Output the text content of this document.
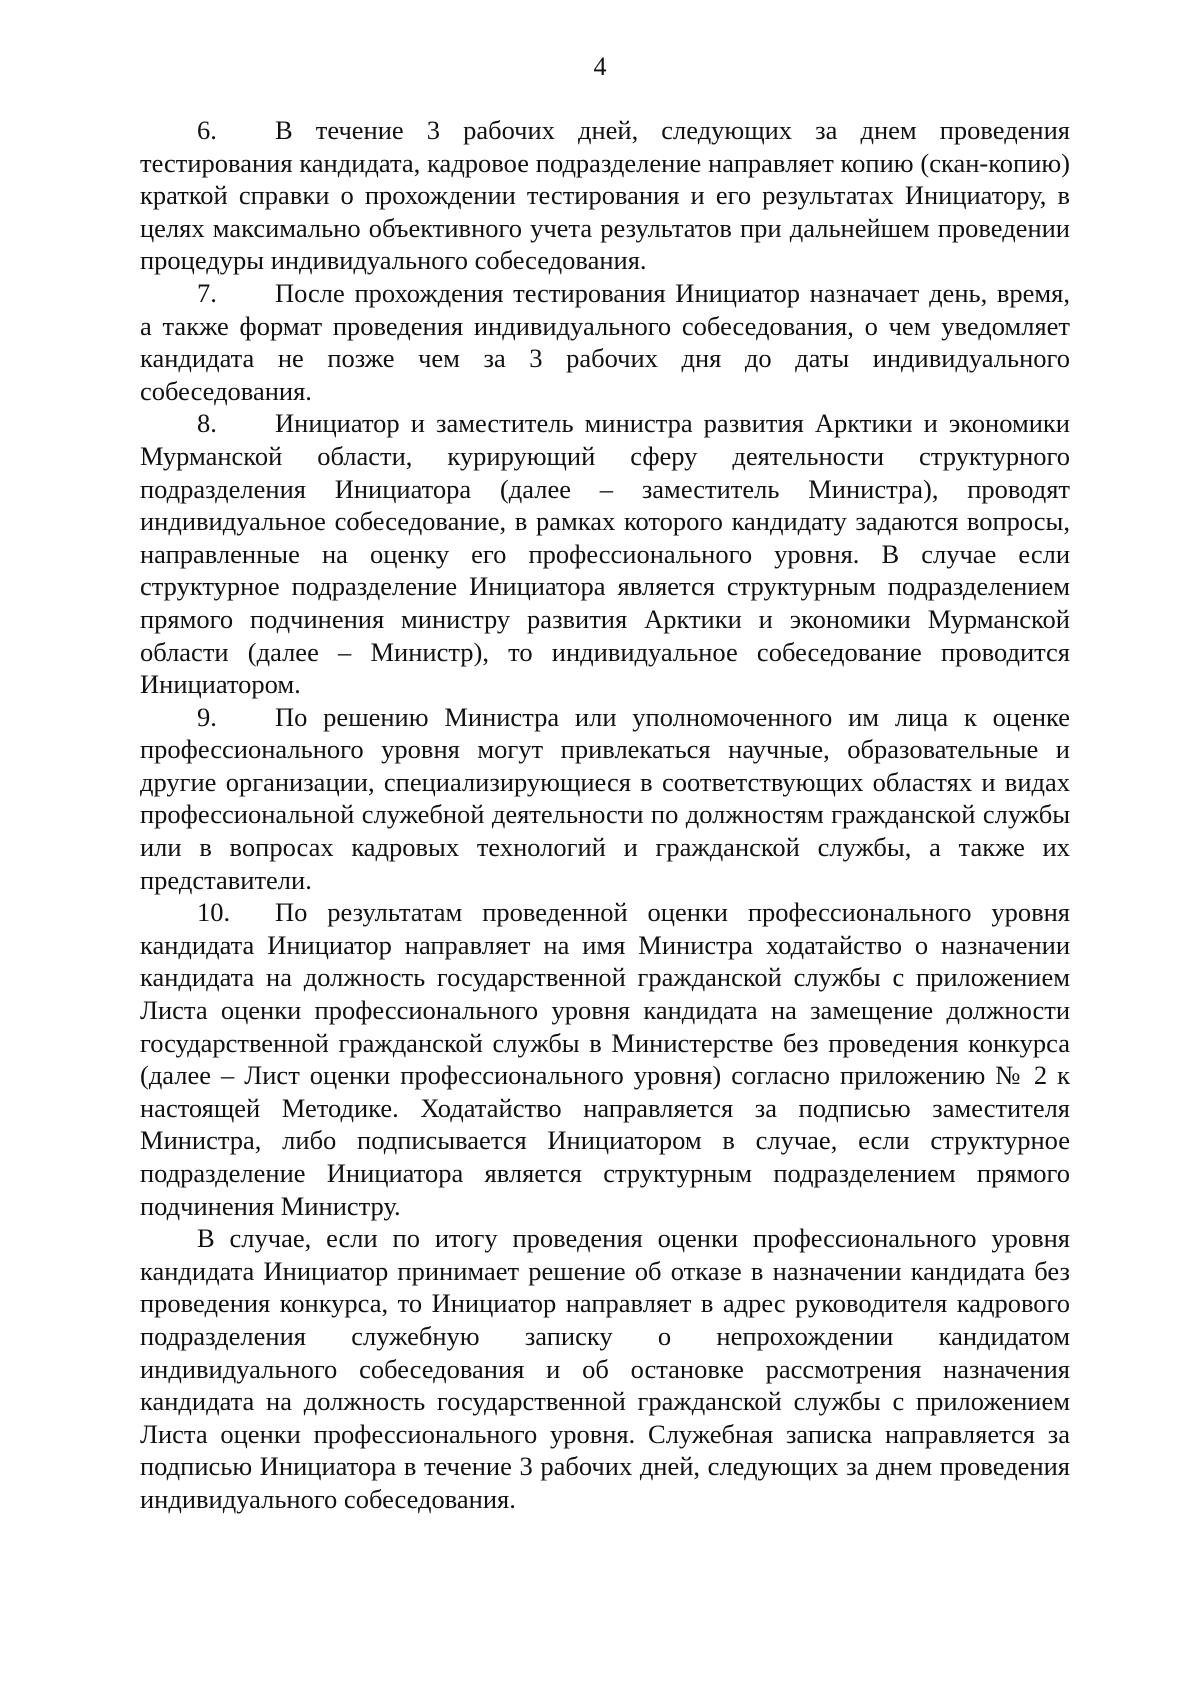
4

6. В течение 3 рабочих дней, следующих за днем проведения тестирования кандидата, кадровое подразделение направляет копию (скан-копию) краткой справки о прохождении тестирования и его результатах Инициатору, в целях максимально объективного учета результатов при дальнейшем проведении процедуры индивидуального собеседования.

7. После прохождения тестирования Инициатор назначает день, время, а также формат проведения индивидуального собеседования, о чем уведомляет кандидата не позже чем за 3 рабочих дня до даты индивидуального собеседования.

8. Инициатор и заместитель министра развития Арктики и экономики Мурманской области, курирующий сферу деятельности структурного подразделения Инициатора (далее – заместитель Министра), проводят индивидуальное собеседование, в рамках которого кандидату задаются вопросы, направленные на оценку его профессионального уровня. В случае если структурное подразделение Инициатора является структурным подразделением прямого подчинения министру развития Арктики и экономики Мурманской области (далее – Министр), то индивидуальное собеседование проводится Инициатором.

9. По решению Министра или уполномоченного им лица к оценке профессионального уровня могут привлекаться научные, образовательные и другие организации, специализирующиеся в соответствующих областях и видах профессиональной служебной деятельности по должностям гражданской службы или в вопросах кадровых технологий и гражданской службы, а также их представители.

10. По результатам проведенной оценки профессионального уровня кандидата Инициатор направляет на имя Министра ходатайство о назначении кандидата на должность государственной гражданской службы с приложением Листа оценки профессионального уровня кандидата на замещение должности государственной гражданской службы в Министерстве без проведения конкурса (далее – Лист оценки профессионального уровня) согласно приложению № 2 к настоящей Методике. Ходатайство направляется за подписью заместителя Министра, либо подписывается Инициатором в случае, если структурное подразделение Инициатора является структурным подразделением прямого подчинения Министру.

В случае, если по итогу проведения оценки профессионального уровня кандидата Инициатор принимает решение об отказе в назначении кандидата без проведения конкурса, то Инициатор направляет в адрес руководителя кадрового подразделения служебную записку о непрохождении кандидатом индивидуального собеседования и об остановке рассмотрения назначения кандидата на должность государственной гражданской службы с приложением Листа оценки профессионального уровня. Служебная записка направляется за подписью Инициатора в течение 3 рабочих дней, следующих за днем проведения индивидуального собеседования.
